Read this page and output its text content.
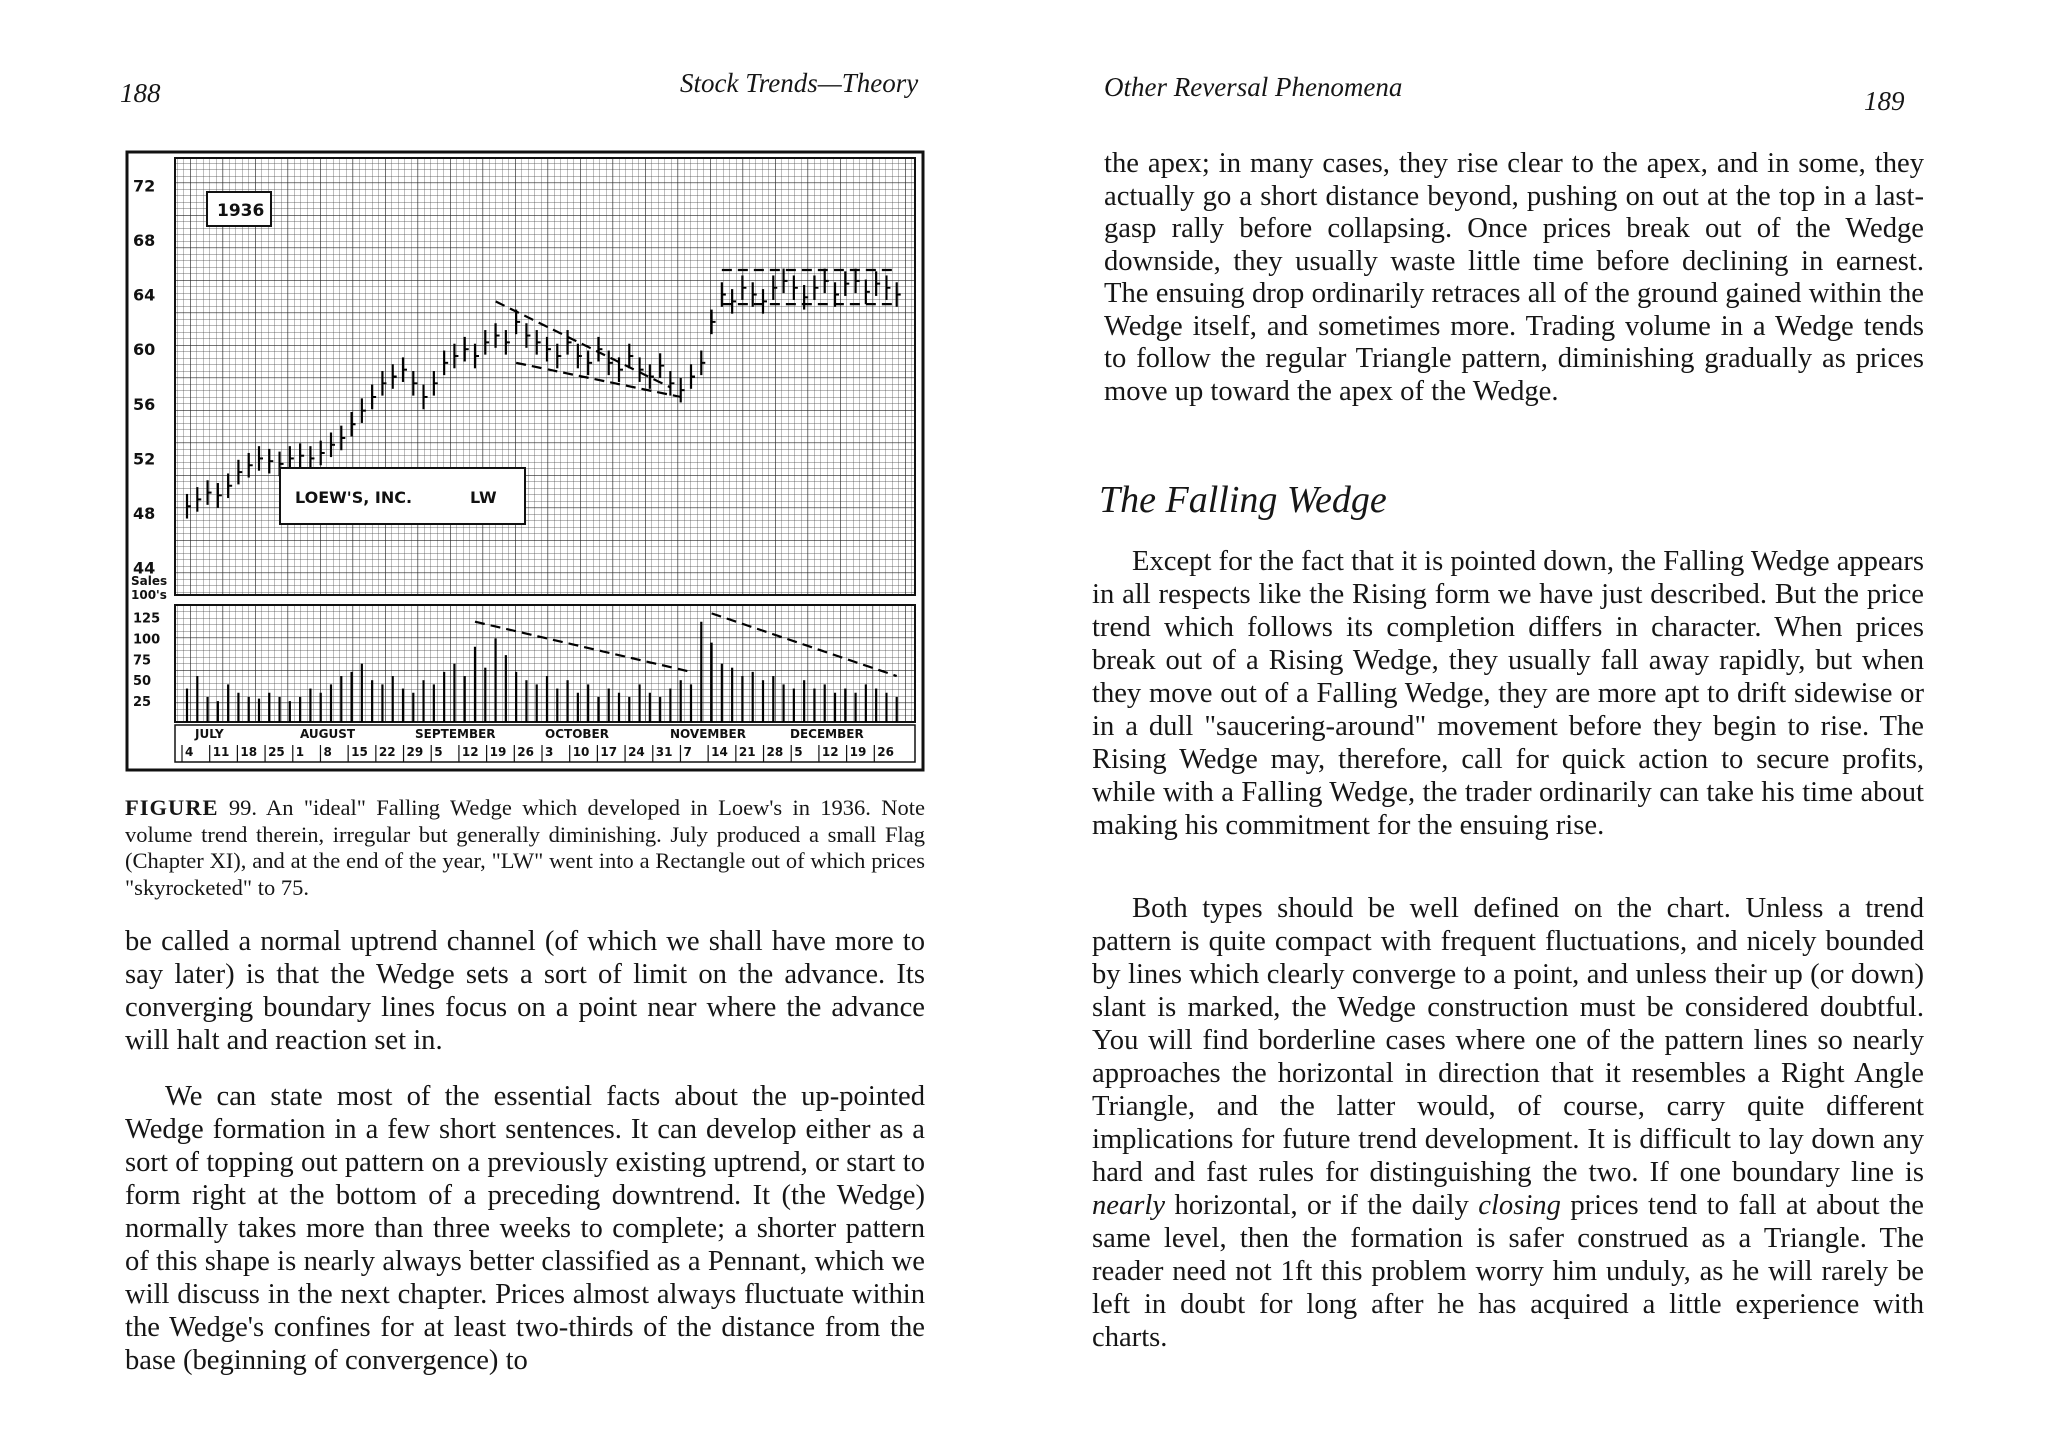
188	Stock Trends—Theory
72
68
64
60
56
52
48
44
Sales
100's
125
100
75
50
25
JULY	AUGUST	SEPTEMBER	OCTOBER	NOVEMBER	DECEMBER
4 11 18 25 1 8 15 22 29 5 12 19 26 3 10 17 24 31 7 14 21 28 5 12 19 26
1936
LOEW'S, INC.	LW

FIGURE 99. An "ideal" Falling Wedge which developed in Loew's in 1936. Note volume trend therein, irregular but generally diminishing. July produced a small Flag (Chapter XI), and at the end of the year, "LW" went into a Rectangle out of which prices "skyrocketed" to 75.

be called a normal uptrend channel (of which we shall have more to say later) is that the Wedge sets a sort of limit on the advance. Its converging boundary lines focus on a point near where the advance will halt and reaction set in.

We can state most of the essential facts about the up-pointed Wedge formation in a few short sentences. It can develop either as a sort of topping out pattern on a previously existing uptrend, or start to form right at the bottom of a preceding downtrend. It (the Wedge) normally takes more than three weeks to complete; a shorter pattern of this shape is nearly always better classified as a Pennant, which we will discuss in the next chapter. Prices almost always fluctuate within the Wedge's confines for at least two-thirds of the distance from the base (beginning of convergence) to

Other Reversal Phenomena	189

the apex; in many cases, they rise clear to the apex, and in some, they actually go a short distance beyond, pushing on out at the top in a last-gasp rally before collapsing. Once prices break out of the Wedge downside, they usually waste little time before declining in earnest. The ensuing drop ordinarily retraces all of the ground gained within the Wedge itself, and sometimes more. Trading volume in a Wedge tends to follow the regular Triangle pattern, diminishing gradually as prices move up toward the apex of the Wedge.

The Falling Wedge

Except for the fact that it is pointed down, the Falling Wedge appears in all respects like the Rising form we have just described. But the price trend which follows its completion differs in character. When prices break out of a Rising Wedge, they usually fall away rapidly, but when they move out of a Falling Wedge, they are more apt to drift sidewise or in a dull "saucering-around" movement before they begin to rise. The Rising Wedge may, therefore, call for quick action to secure profits, while with a Falling Wedge, the trader ordinarily can take his time about making his commitment for the ensuing rise.

Both types should be well defined on the chart. Unless a trend pattern is quite compact with frequent fluctuations, and nicely bounded by lines which clearly converge to a point, and unless their up (or down) slant is marked, the Wedge construction must be considered doubtful. You will find borderline cases where one of the pattern lines so nearly approaches the horizontal in direction that it resembles a Right Angle Triangle, and the latter would, of course, carry quite different implications for future trend development. It is difficult to lay down any hard and fast rules for distinguishing the two. If one boundary line is nearly horizontal, or if the daily closing prices tend to fall at about the same level, then the formation is safer construed as a Triangle. The reader need not 1ft this problem worry him unduly, as he will rarely be left in doubt for long after he has acquired a little experience with charts.
